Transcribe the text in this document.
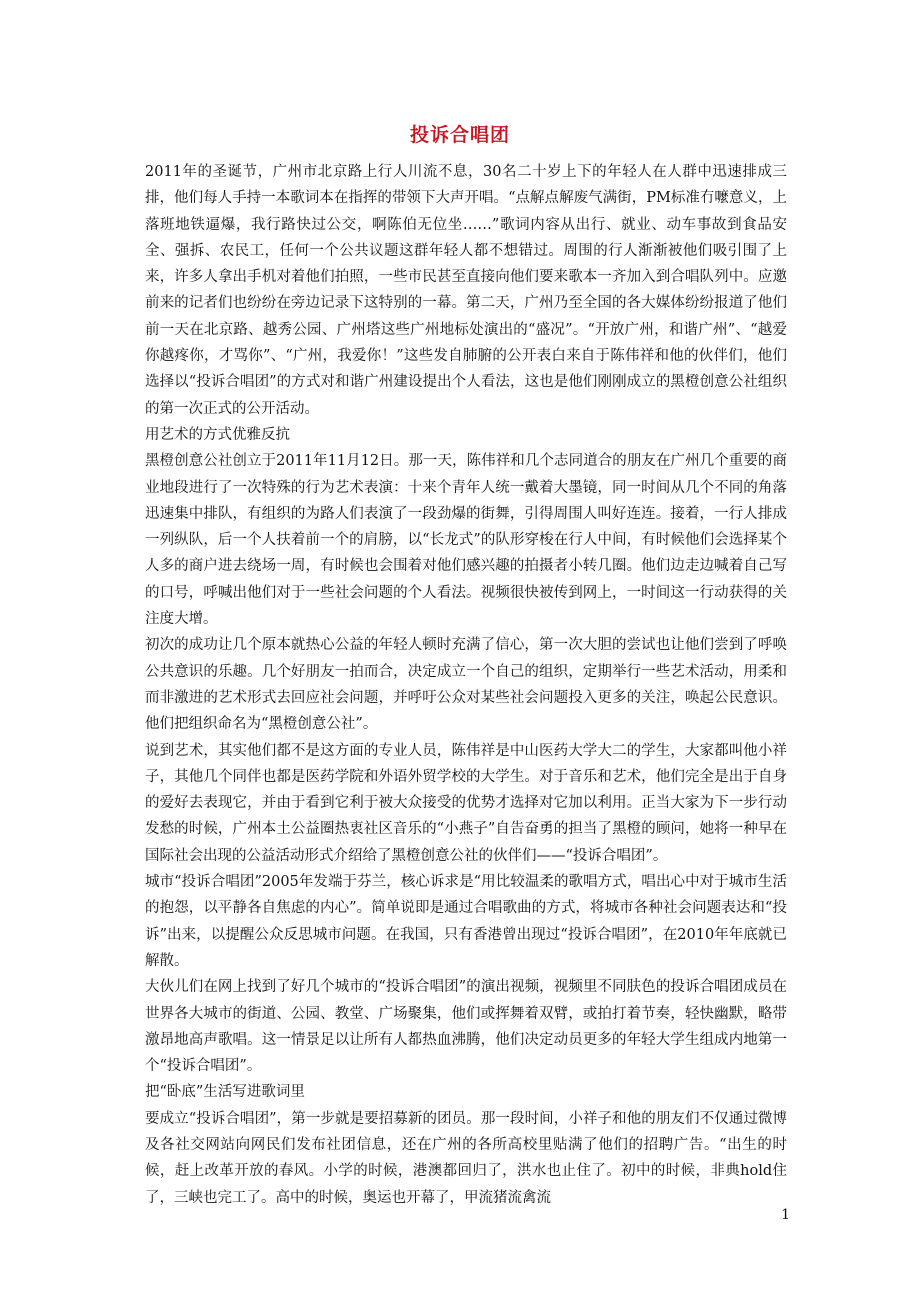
投诉合唱团

2011年的圣诞节，广州市北京路上行人川流不息，30名二十岁上下的年轻人在人群中迅速排成三排，他们每人手持一本歌词本在指挥的带领下大声开唱。“点解点解废气满街，PM标准冇嚒意义，上落班地铁逼爆，我行路快过公交，啊陈伯无位坐……”歌词内容从出行、就业、动车事故到食品安全、强拆、农民工，任何一个公共议题这群年轻人都不想错过。周围的行人渐渐被他们吸引围了上来，许多人拿出手机对着他们拍照，一些市民甚至直接向他们要来歌本一齐加入到合唱队列中。应邀前来的记者们也纷纷在旁边记录下这特别的一幕。第二天，广州乃至全国的各大媒体纷纷报道了他们前一天在北京路、越秀公园、广州塔这些广州地标处演出的“盛况”。“开放广州，和谐广州”、“越爱你越疼你，才骂你”、“广州，我爱你！”这些发自肺腑的公开表白来自于陈伟祥和他的伙伴们，他们选择以“投诉合唱团”的方式对和谐广州建设提出个人看法，这也是他们刚刚成立的黑橙创意公社组织的第一次正式的公开活动。

用艺术的方式优雅反抗

黑橙创意公社创立于2011年11月12日。那一天，陈伟祥和几个志同道合的朋友在广州几个重要的商业地段进行了一次特殊的行为艺术表演：十来个青年人统一戴着大墨镜，同一时间从几个不同的角落迅速集中排队，有组织的为路人们表演了一段劲爆的街舞，引得周围人叫好连连。接着，一行人排成一列纵队，后一个人扶着前一个的肩膀，以“长龙式”的队形穿梭在行人中间，有时候他们会选择某个人多的商户进去绕场一周，有时候也会围着对他们感兴趣的拍摄者小转几圈。他们边走边喊着自己写的口号，呼喊出他们对于一些社会问题的个人看法。视频很快被传到网上，一时间这一行动获得的关注度大增。

初次的成功让几个原本就热心公益的年轻人顿时充满了信心，第一次大胆的尝试也让他们尝到了呼唤公共意识的乐趣。几个好朋友一拍而合，决定成立一个自己的组织，定期举行一些艺术活动，用柔和而非激进的艺术形式去回应社会问题，并呼吁公众对某些社会问题投入更多的关注，唤起公民意识。他们把组织命名为“黑橙创意公社”。

说到艺术，其实他们都不是这方面的专业人员，陈伟祥是中山医药大学大二的学生，大家都叫他小祥子，其他几个同伴也都是医药学院和外语外贸学校的大学生。对于音乐和艺术，他们完全是出于自身的爱好去表现它，并由于看到它利于被大众接受的优势才选择对它加以利用。正当大家为下一步行动发愁的时候，广州本土公益圈热衷社区音乐的“小燕子”自告奋勇的担当了黑橙的顾问，她将一种早在国际社会出现的公益活动形式介绍给了黑橙创意公社的伙伴们——“投诉合唱团”。

城市“投诉合唱团”2005年发端于芬兰，核心诉求是“用比较温柔的歌唱方式，唱出心中对于城市生活的抱怨，以平静各自焦虑的内心”。简单说即是通过合唱歌曲的方式，将城市各种社会问题表达和“投诉”出来，以提醒公众反思城市问题。在我国，只有香港曾出现过“投诉合唱团”，在2010年年底就已解散。

大伙儿们在网上找到了好几个城市的“投诉合唱团”的演出视频，视频里不同肤色的投诉合唱团成员在世界各大城市的街道、公园、教堂、广场聚集，他们或挥舞着双臂，或拍打着节奏，轻快幽默，略带激昂地高声歌唱。这一情景足以让所有人都热血沸腾，他们决定动员更多的年轻大学生组成内地第一个“投诉合唱团”。

把“卧底”生活写进歌词里

要成立“投诉合唱团”，第一步就是要招募新的团员。那一段时间，小祥子和他的朋友们不仅通过微博及各社交网站向网民们发布社团信息，还在广州的各所高校里贴满了他们的招聘广告。“出生的时候，赶上改革开放的春风。小学的时候，港澳都回归了，洪水也止住了。初中的时候，非典hold住了，三峡也完工了。高中的时候，奥运也开幕了，甲流猪流禽流

1
